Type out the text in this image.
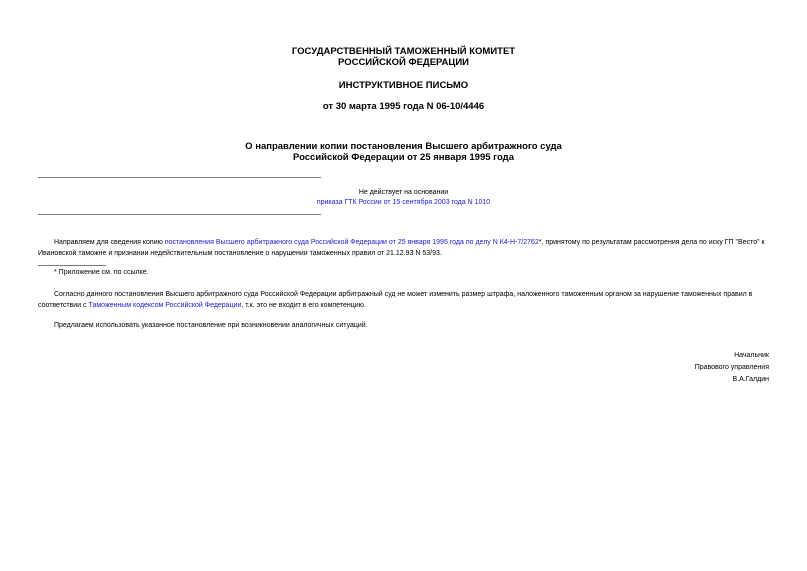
ГОСУДАРСТВЕННЫЙ ТАМОЖЕННЫЙ КОМИТЕТ
РОССИЙСКОЙ ФЕДЕРАЦИИ
ИНСТРУКТИВНОЕ ПИСЬМО
от 30 марта 1995 года N 06-10/4446
О направлении копии постановления Высшего арбитражного суда
Российской Федерации от 25 января 1995 года
Не действует на основании
приказа ГТК России от 15 сентября 2003 года N 1010
Направляем для сведения копию постановления Высшего арбитражного суда Российской Федерации от 25 января 1995 года по делу N К4-Н-7/2762*, принятому по результатам рассмотрения дела по иску ГП "Весто" к Ивановской таможне и признании недействительным постановление о нарушении таможенных правил от 21.12.93 N 53/93.
* Приложение см. по ссылке.
Согласно данного постановления Высшего арбитражного суда Российской Федерации арбитражный суд не может изменить размер штрафа, наложенного таможенным органом за нарушение таможенных правил в соответствии с Таможенным кодексом Российской Федерации, т.к. это не входит в его компетенцию.
Предлагаем использовать указанное постановление при возникновении аналогичных ситуаций.
Начальник
Правового управления
В.А.Галдин
